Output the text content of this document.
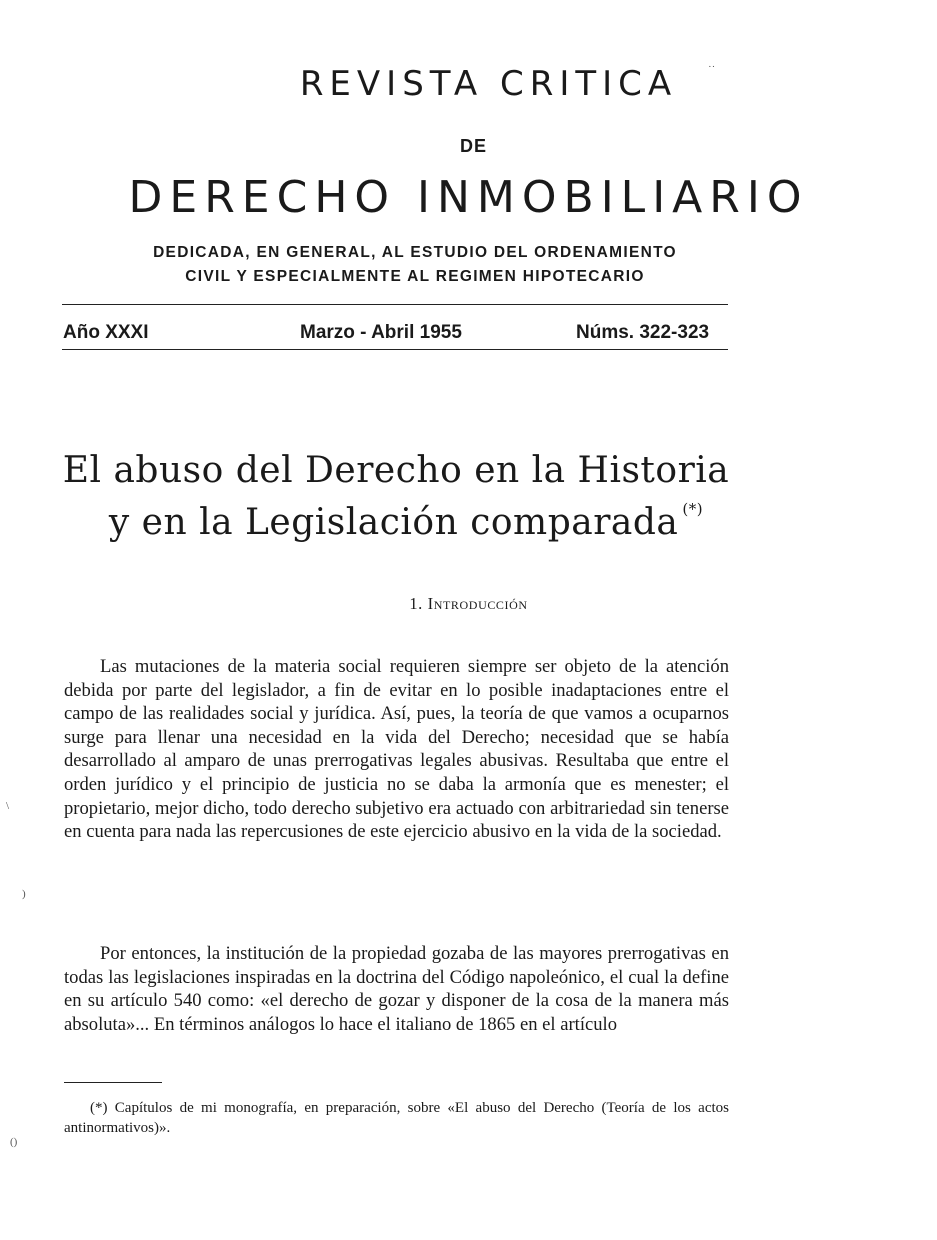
REVISTA CRITICA
DE
DERECHO INMOBILIARIO
DEDICADA, EN GENERAL, AL ESTUDIO DEL ORDENAMIENTO
CIVIL Y ESPECIALMENTE AL REGIMEN HIPOTECARIO
Año XXXI	Marzo - Abril 1955	Núms. 322-323
El abuso del Derecho en la Historia
y en la Legislación comparada (*)
1. Introducción

Las mutaciones de la materia social requieren siempre ser objeto de la atención debida por parte del legislador, a fin de evitar en lo posible inadaptaciones entre el campo de las realidades social y jurídica. Así, pues, la teoría de que vamos a ocuparnos surge para llenar una necesidad en la vida del Derecho; necesidad que se había desarrollado al amparo de unas prerrogativas legales abusivas. Resultaba que entre el orden jurídico y el principio de justicia no se daba la armonía que es menester; el propietario, mejor dicho, todo derecho subjetivo era actuado con arbitrariedad sin tenerse en cuenta para nada las repercusiones de este ejercicio abusivo en la vida de la sociedad.

Por entonces, la institución de la propiedad gozaba de las mayores prerrogativas en todas las legislaciones inspiradas en la doctrina del Código napoleónico, el cual la define en su artículo 540 como: «el derecho de gozar y disponer de la cosa de la manera más absoluta»... En términos análogos lo hace el italiano de 1865 en el artículo

(*) Capítulos de mi monografía, en preparación, sobre «El abuso del Derecho (Teoría de los actos antinormativos)».
\
)
()
˙˙
